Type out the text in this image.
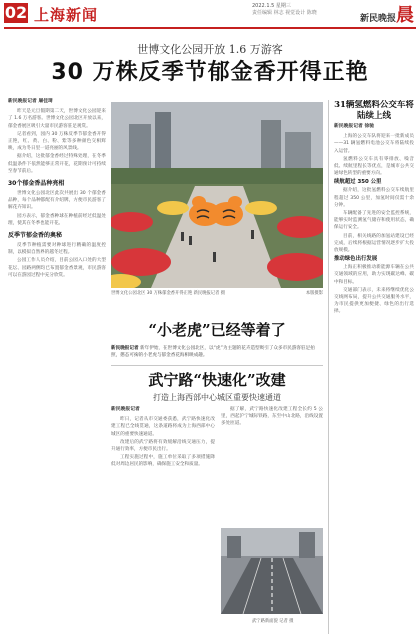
02 上海新闻	2022.1.5 星期三
责任编辑 林志 视觉设计 陈晓
新民晚报晨
世博文化公园开放 1.6 万游客
30 万株反季节郁金香开得正艳

新民晚报记者 屠佳琦

昨天是元旦假期第二天，世博文化公园迎来了 1.6 万名游客。世博文化公园北区开放以来，郁金香展区吸引大量市民游客驻足观赏。

记者看到，园内 30 万株反季节郁金香开得正艳，红、黄、白、粉、紫等多种颜色交相辉映，成为冬日里一道亮丽的风景线。

据介绍，这批郁金香经过特殊处理，在冬季低温条件下依然能够正常开花，花期预计可持续至春节前后。

30个郁金香品种亮相

世博文化公园北区此次共展出 30 个郁金香品种，每个品种都配有介绍牌，方便市民游客了解花卉知识。

园方表示，郁金香种球在种植前经过低温处理，使其在冬季也能开花。

反季节郁金香的奥秘

反季节种植需要对种球进行精确的温度控制，以模拟自然界的越冬过程。

公园工作人员介绍，目前公园入口处的大型花坛、园路两侧均已布置郁金香景观，市民游客可以在游园过程中充分欣赏。

世博文化公园北区 30 万株郁金香开得正艳 新民晚报记者 摄	本版摄影
“小老虎”已经等着了
新民晚报记者 新年伊始，在世博文化公园北区，以“虎”为主题的花卉造型吸引了众多市民游客驻足拍照，憨态可掬的小老虎与郁金香花海相映成趣。
武宁路“快速化”改建
打造上海西部中心城区重要快速通道

新民晚报记者

昨日，记者从市交通委获悉，武宁路快速化改建工程已全线贯通，这条道路将成为上海西部中心城区的重要快速通道。

改建后的武宁路将有效缓解沿线交通压力，提升通行效率，方便市民出行。

工程实施过程中，施工单位采取了多项措施降低对周边居民的影响，确保施工安全和质量。

据了解，武宁路快速化改建工程全长约 5 公里，西起沪宁城际铁路，东至中山北路，沿线设置多处匝道。

武宁路新面貌 记者 摄

31辆氢燃料公交车将陆续上线

新民晚报记者 徐驰

上海的公交车队将迎来一批新成员——31 辆氢燃料电池公交车将陆续投入运营。

氢燃料公交车具有零排放、噪音低、续航里程长等优点，是城市公共交通绿色转型的重要方向。

续航超过 350 公里

据介绍，这批氢燃料公交车续航里程超过 350 公里，加氢时间仅需十余分钟。

车辆配备了先进的安全监控系统，能够实时监测氢气储存和使用状态，确保运行安全。

目前，相关线路的加氢站建设已经完成，后续将根据运营情况逐步扩大投放规模。

推动绿色出行发展

上海正积极推动新能源车辆在公共交通领域的应用，助力实现碳达峰、碳中和目标。

交通部门表示，未来将继续优化公交线网布局，提升公共交通服务水平，为市民提供更加便捷、绿色的出行选择。
